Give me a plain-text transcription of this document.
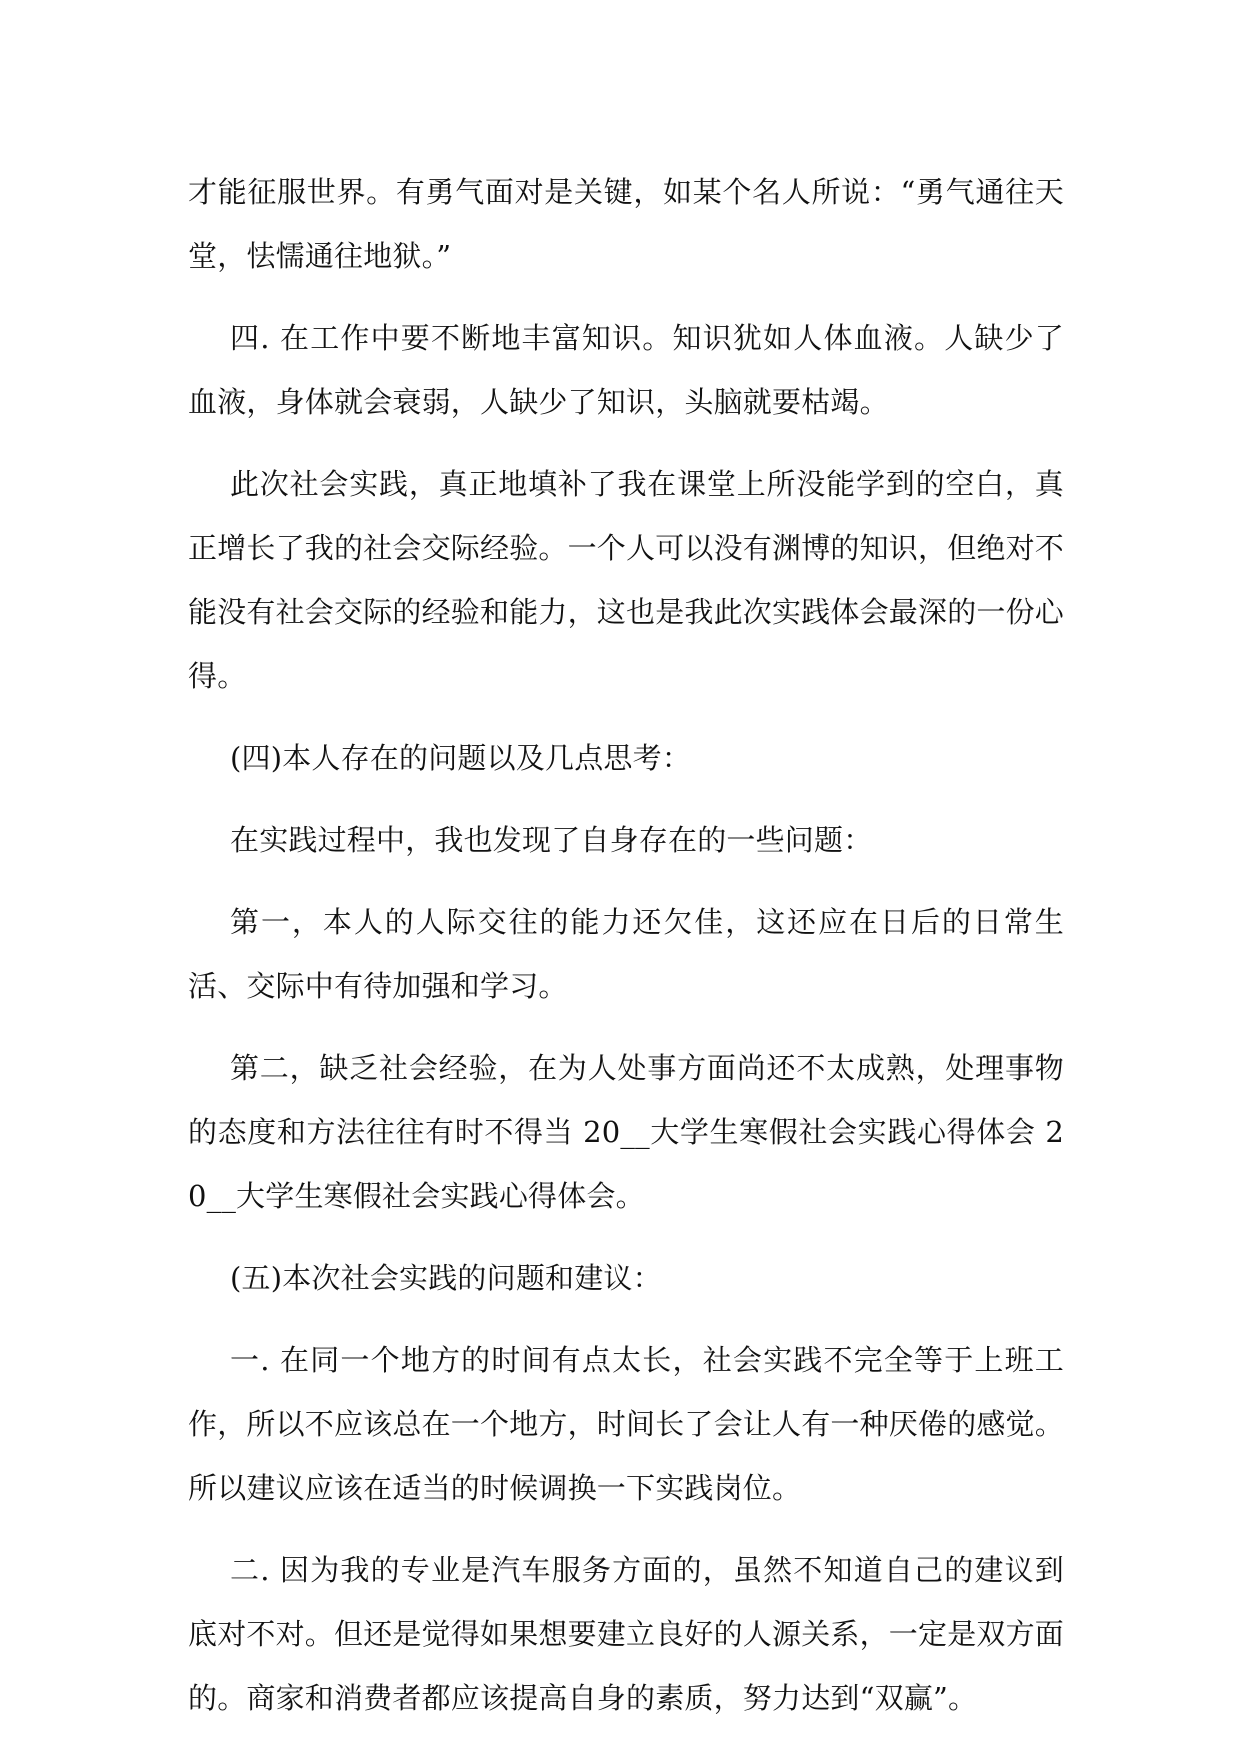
才能征服世界。有勇气面对是关键，如某个名人所说：“勇气通往天堂，怯懦通往地狱。”

四. 在工作中要不断地丰富知识。知识犹如人体血液。人缺少了血液，身体就会衰弱，人缺少了知识，头脑就要枯竭。

此次社会实践，真正地填补了我在课堂上所没能学到的空白，真正增长了我的社会交际经验。一个人可以没有渊博的知识，但绝对不能没有社会交际的经验和能力，这也是我此次实践体会最深的一份心得。

(四)本人存在的问题以及几点思考：

在实践过程中，我也发现了自身存在的一些问题：

第一，本人的人际交往的能力还欠佳，这还应在日后的日常生活、交际中有待加强和学习。

第二，缺乏社会经验，在为人处事方面尚还不太成熟，处理事物的态度和方法往往有时不得当 20__大学生寒假社会实践心得体会 20__大学生寒假社会实践心得体会。

(五)本次社会实践的问题和建议：

一. 在同一个地方的时间有点太长，社会实践不完全等于上班工作，所以不应该总在一个地方，时间长了会让人有一种厌倦的感觉。所以建议应该在适当的时候调换一下实践岗位。

二. 因为我的专业是汽车服务方面的，虽然不知道自己的建议到底对不对。但还是觉得如果想要建立良好的人源关系，一定是双方面的。商家和消费者都应该提高自身的素质，努力达到“双赢”。
